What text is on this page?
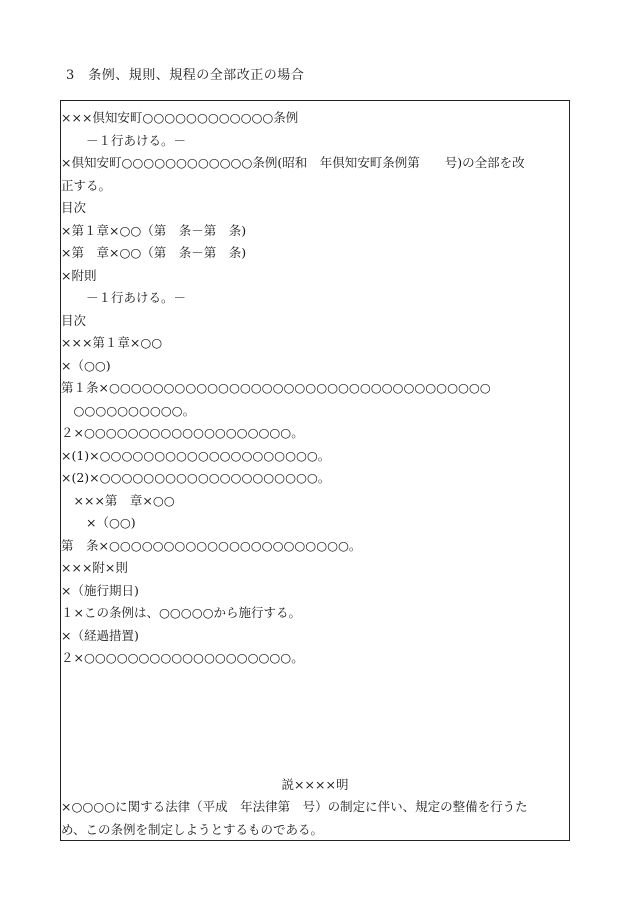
3　条例、規則、規程の全部改正の場合
×××倶知安町○○○○○○○○○○○○条例
　　－１行あける。－
×倶知安町○○○○○○○○○○○○条例(昭和　年倶知安町条例第　　号)の全部を改
正する。
目次
×第１章×○○（第　条－第　条)
×第　章×○○（第　条－第　条)
×附則
　　－１行あける。－
目次
×××第１章×○○
×（○○)
第１条×○○○○○○○○○○○○○○○○○○○○○○○○○○○○○○○○○○○
　○○○○○○○○○○。
２×○○○○○○○○○○○○○○○○○○○。
×(1)×○○○○○○○○○○○○○○○○○○○○。
×(2)×○○○○○○○○○○○○○○○○○○○○。
　×××第　章×○○
　　×（○○)
第　条×○○○○○○○○○○○○○○○○○○○○○○。
×××附×則
×（施行期日)
１×この条例は、○○○○○から施行する。
×（経過措置)
２×○○○○○○○○○○○○○○○○○○○。
説××××明
×○○○○に関する法律（平成　年法律第　号）の制定に伴い、規定の整備を行うた
め、この条例を制定しようとするものである。
